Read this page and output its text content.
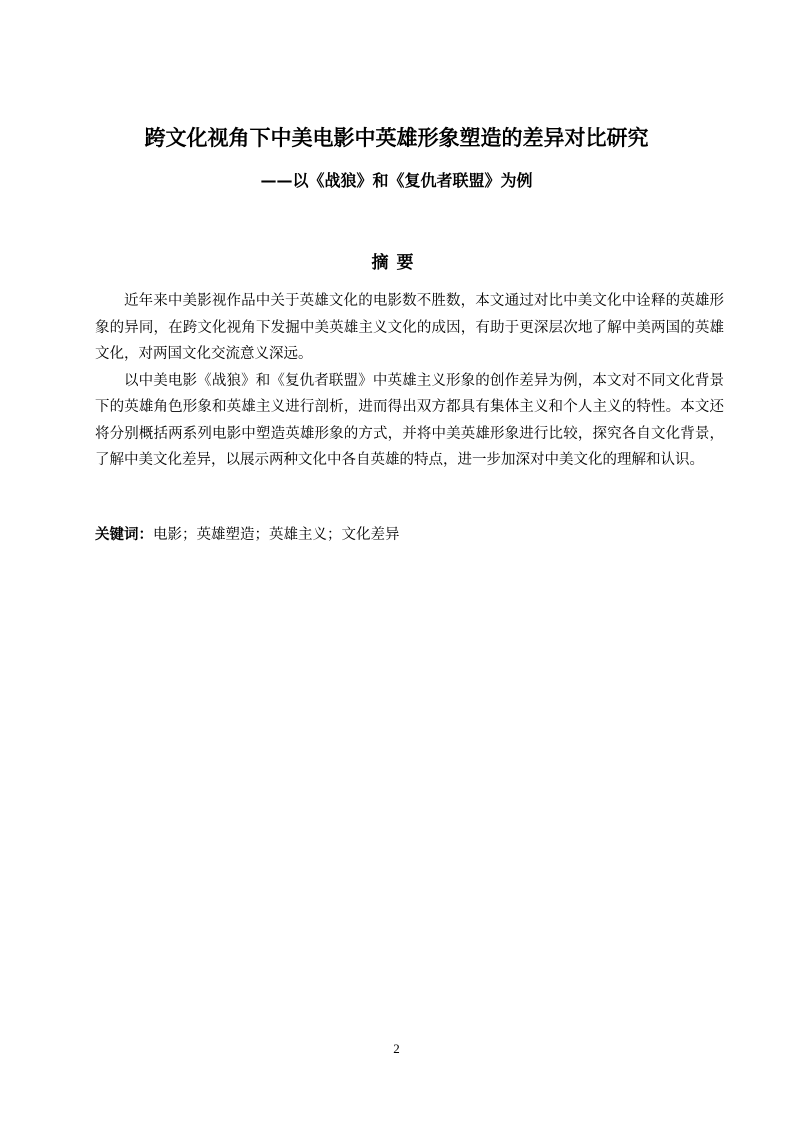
跨文化视角下中美电影中英雄形象塑造的差异对比研究
——以《战狼》和《复仇者联盟》为例
摘要

近年来中美影视作品中关于英雄文化的电影数不胜数，本文通过对比中美文化中诠释的英雄形象的异同，在跨文化视角下发掘中美英雄主义文化的成因，有助于更深层次地了解中美两国的英雄文化，对两国文化交流意义深远。

以中美电影《战狼》和《复仇者联盟》中英雄主义形象的创作差异为例，本文对不同文化背景下的英雄角色形象和英雄主义进行剖析，进而得出双方都具有集体主义和个人主义的特性。本文还将分别概括两系列电影中塑造英雄形象的方式，并将中美英雄形象进行比较，探究各自文化背景，了解中美文化差异，以展示两种文化中各自英雄的特点，进一步加深对中美文化的理解和认识。

关键词：电影；英雄塑造；英雄主义；文化差异
2
